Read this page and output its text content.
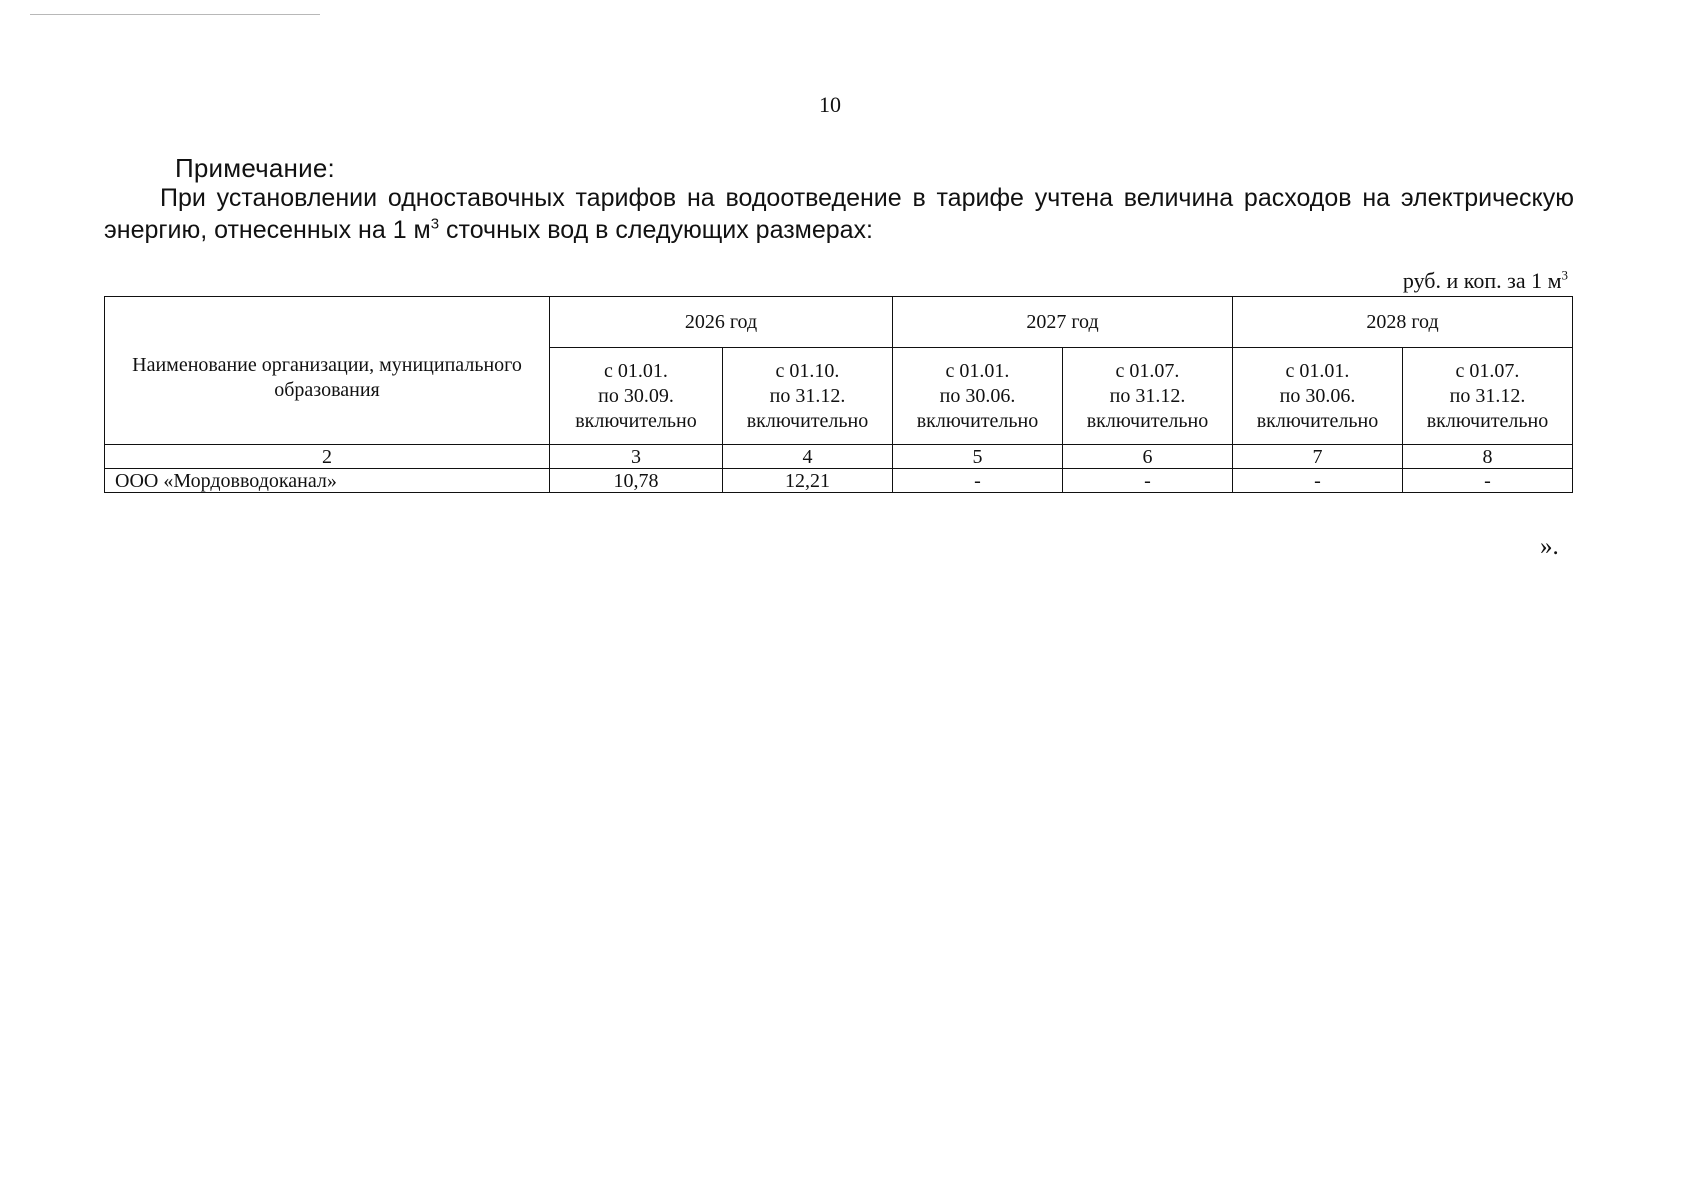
10
Примечание:
При установлении одноставочных тарифов на водоотведение в тарифе учтена величина расходов на электрическую энергию, отнесенных на 1 $м^3$ сточных вод в следующих размерах:
руб. и коп. за 1 $м^3$
Наименование организации, муниципального образования	2026 год		2027 год		2028 год	

	с 01.01.
по 30.09.
включительно	с 01.10.
по 31.12.
включительно	с 01.01.
по 30.06.
включительно	с 01.07.
по 31.12.
включительно	с 01.01.
по 30.06.
включительно	с 01.07.
по 31.12.
включительно

2	3	4	5	6	7	8
ООО «Мордовводоканал»	10,78	12,21	-	-	-	-
».
